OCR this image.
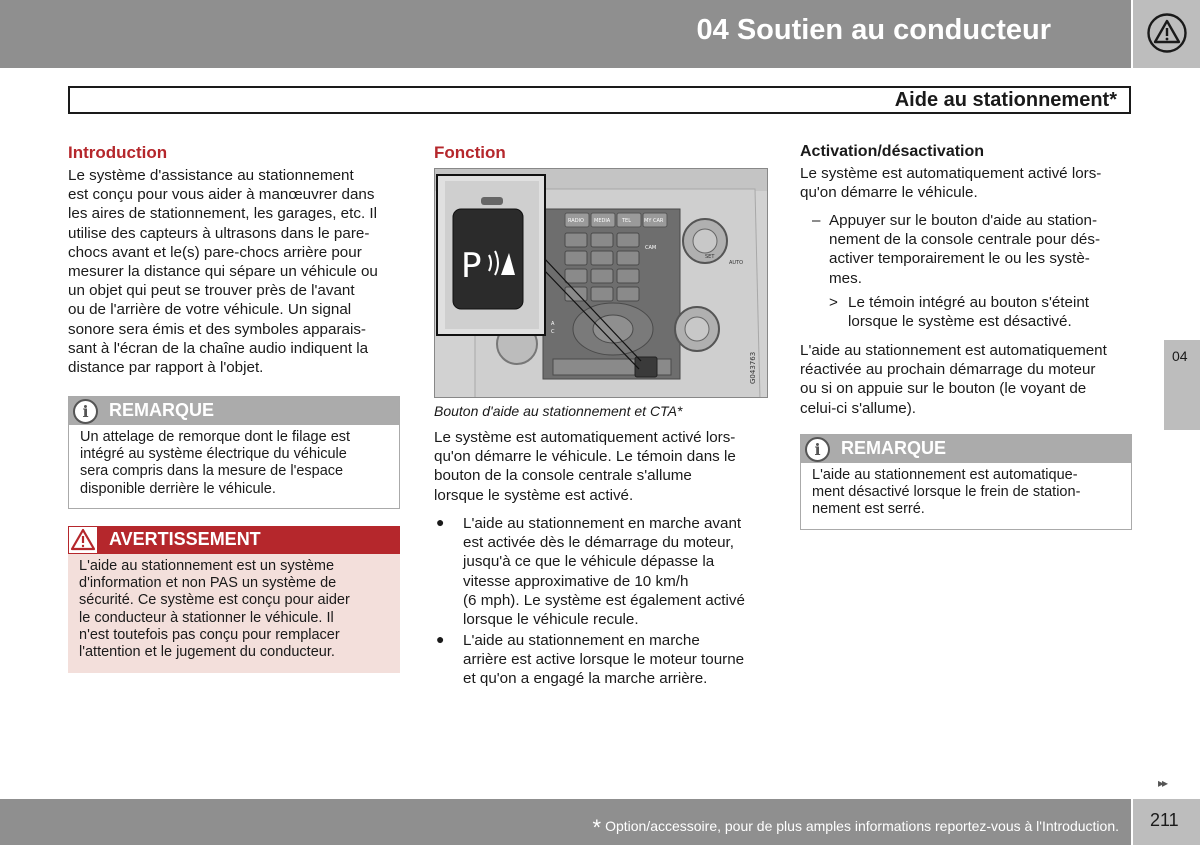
04 Soutien au conducteur
Aide au stationnement*
Introduction
Le système d'assistance au stationnement
est conçu pour vous aider à manœuvrer dans
les aires de stationnement, les garages, etc. Il
utilise des capteurs à ultrasons dans le pare-
chocs avant et le(s) pare-chocs arrière pour
mesurer la distance qui sépare un véhicule ou
un objet qui peut se trouver près de l'avant
ou de l'arrière de votre véhicule. Un signal
sonore sera émis et des symboles apparais-
sant à l'écran de la chaîne audio indiquent la
distance par rapport à l'objet.
i	REMARQUE
Un attelage de remorque dont le filage est
intégré au système électrique du véhicule
sera compris dans la mesure de l'espace
disponible derrière le véhicule.
AVERTISSEMENT
L'aide au stationnement est un système
d'information et non PAS un système de
sécurité. Ce système est conçu pour aider
le conducteur à stationner le véhicule. Il
n'est toutefois pas conçu pour remplacer
l'attention et le jugement du conducteur.
Fonction
RADIO MEDIA TEL	MY CAR
CAM
A
C
AUTO
SET
P
G043763
Bouton d'aide au stationnement et CTA*
Le système est automatiquement activé lors-
qu'on démarre le véhicule. Le témoin dans le
bouton de la console centrale s'allume
lorsque le système est activé.
● L'aide au stationnement en marche avant
est activée dès le démarrage du moteur,
jusqu'à ce que le véhicule dépasse la
vitesse approximative de 10 km/h
(6 mph). Le système est également activé
lorsque le véhicule recule.
● L'aide au stationnement en marche
arrière est active lorsque le moteur tourne
et qu'on a engagé la marche arrière.
Activation/désactivation
Le système est automatiquement activé lors-
qu'on démarre le véhicule.
– Appuyer sur le bouton d'aide au station-
nement de la console centrale pour dés-
activer temporairement le ou les systè-
mes.
> Le témoin intégré au bouton s'éteint
lorsque le système est désactivé.
L'aide au stationnement est automatiquement
réactivée au prochain démarrage du moteur
ou si on appuie sur le bouton (le voyant de
celui-ci s'allume).
i	REMARQUE
L'aide au stationnement est automatique-
ment désactivé lorsque le frein de station-
nement est serré.
04
▸▸
* Option/accessoire, pour de plus amples informations reportez-vous à l'Introduction. 211
